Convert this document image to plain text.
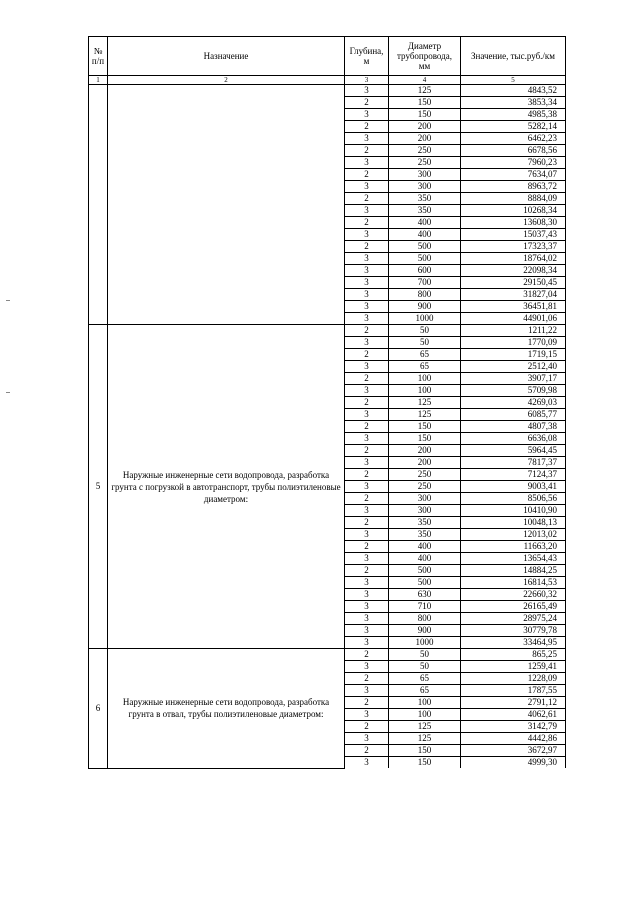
№ п/п	Назначение	Глубина, м	Диаметр трубопровода, мм	Значение, тыс.руб./км
1	2	3	4	5
		3	125	4843,52
		2	150	3853,34
		3	150	4985,38
		2	200	5282,14
		3	200	6462,23
		2	250	6678,56
		3	250	7960,23
		2	300	7634,07
		3	300	8963,72
		2	350	8884,09
		3	350	10268,34
		2	400	13608,30
		3	400	15037,43
		2	500	17323,37
		3	500	18764,02
		3	600	22098,34
		3	700	29150,45
		3	800	31827,04
		3	900	36451,81
		3	1000	44901,06
5	Наружные инженерные сети водопровода, разработка грунта с погрузкой в автотранспорт, трубы полиэтиленовые диаметром:	2	50	1211,22
		3	50	1770,09
		2	65	1719,15
		3	65	2512,40
		2	100	3907,17
		3	100	5709,98
		2	125	4269,03
		3	125	6085,77
		2	150	4807,38
		3	150	6636,08
		2	200	5964,45
		3	200	7817,37
		2	250	7124,37
		3	250	9003,41
		2	300	8506,56
		3	300	10410,90
		2	350	10048,13
		3	350	12013,02
		2	400	11663,20
		3	400	13654,43
		2	500	14884,25
		3	500	16814,53
		3	630	22660,32
		3	710	26165,49
		3	800	28975,24
		3	900	30779,78
		3	1000	33464,95
6	Наружные инженерные сети водопровода, разработка грунта в отвал, трубы полиэтиленовые диаметром:	2	50	865,25
		3	50	1259,41
		2	65	1228,09
		3	65	1787,55
		2	100	2791,12
		3	100	4062,61
		2	125	3142,79
		3	125	4442,86
		2	150	3672,97
		3	150	4999,30
